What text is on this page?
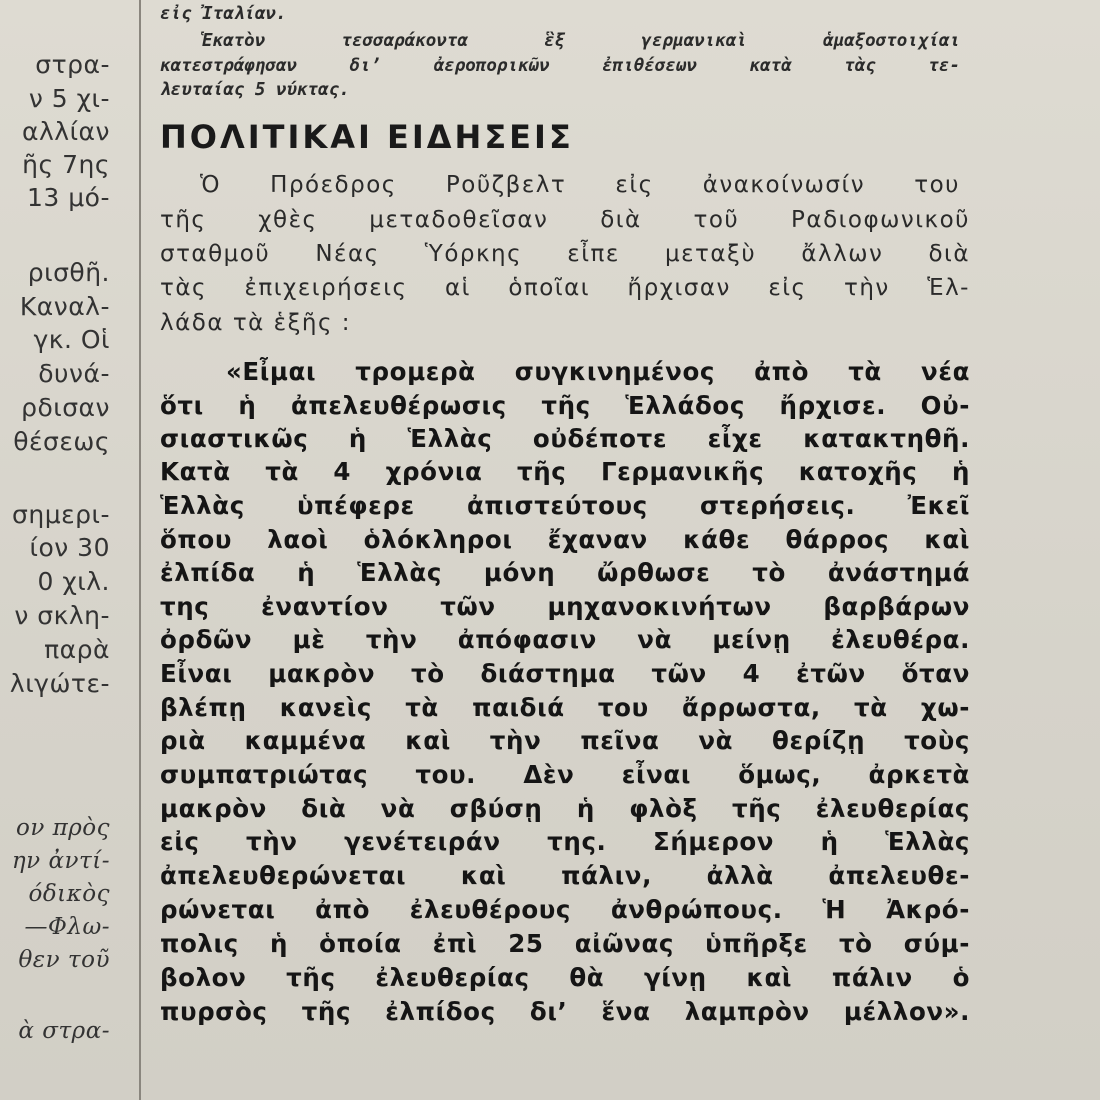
στρα-
ν 5 χι-
αλλίαν
ῆς 7ης
13 μό-
ρισθῆ.
Καναλ-
γκ. Οἱ
δυνά-
ρδισαν
θέσεως
σημερι-
ίον 30
0 χιλ.
ν σκλη-
παρὰ
λιγώτε-
ον πρὸς
ην ἀντί-
όδικὸς
—Φλω-
θεν τοῦ
ὰ στρα-
εἰς Ἰταλίαν.
Ἑκατὸν τεσσαράκοντα ἓξ γερμανικαὶ ἁμαξοστοιχίαι
κατεστράφησαν δι’ ἀεροπορικῶν ἐπιθέσεων κατὰ τὰς τε-
λευταίας 5 νύκτας.
ΠΟΛΙΤΙΚΑΙ ΕΙΔΗΣΕΙΣ
Ὁ Πρόεδρος Ροῦζβελτ εἰς ἀνακοίνωσίν του
τῆς χθὲς μεταδοθεῖσαν διὰ τοῦ Ραδιοφωνικοῦ
σταθμοῦ Νέας Ὑόρκης εἶπε μεταξὺ ἄλλων διὰ
τὰς ἐπιχειρήσεις αἱ ὁποῖαι ἤρχισαν εἰς τὴν Ἑλ-
λάδα τὰ ἑξῆς :
«Εἶμαι τρομερὰ συγκινημένος ἀπὸ τὰ νέα
ὅτι ἡ ἀπελευθέρωσις τῆς Ἑλλάδος ἤρχισε. Οὐ-
σιαστικῶς ἡ Ἑλλὰς οὐδέποτε εἶχε κατακτηθῆ.
Κατὰ τὰ 4 χρόνια τῆς Γερμανικῆς κατοχῆς ἡ
Ἑλλὰς ὑπέφερε ἀπιστεύτους στερήσεις. Ἐκεῖ
ὅπου λαοὶ ὁλόκληροι ἔχαναν κάθε θάρρος καὶ
ἐλπίδα ἡ Ἑλλὰς μόνη ὤρθωσε τὸ ἀνάστημά
της ἐναντίον τῶν μηχανοκινήτων βαρβάρων
ὀρδῶν μὲ τὴν ἀπόφασιν νὰ μείνῃ ἐλευθέρα.
Εἶναι μακρὸν τὸ διάστημα τῶν 4 ἐτῶν ὅταν
βλέπῃ κανεὶς τὰ παιδιά του ἄρρωστα, τὰ χω-
ριὰ καμμένα καὶ τὴν πεῖνα νὰ θερίζῃ τοὺς
συμπατριώτας του. Δὲν εἶναι ὅμως, ἀρκετὰ
μακρὸν διὰ νὰ σβύσῃ ἡ φλὸξ τῆς ἐλευθερίας
εἰς τὴν γενέτειράν της. Σήμερον ἡ Ἑλλὰς
ἀπελευθερώνεται καὶ πάλιν, ἀλλὰ ἀπελευθε-
ρώνεται ἀπὸ ἐλευθέρους ἀνθρώπους. Ἡ Ἀκρό-
πολις ἡ ὁποία ἐπὶ 25 αἰῶνας ὑπῆρξε τὸ σύμ-
βολον τῆς ἐλευθερίας θὰ γίνῃ καὶ πάλιν ὁ
πυρσὸς τῆς ἐλπίδος δι’ ἕνα λαμπρὸν μέλλον».
